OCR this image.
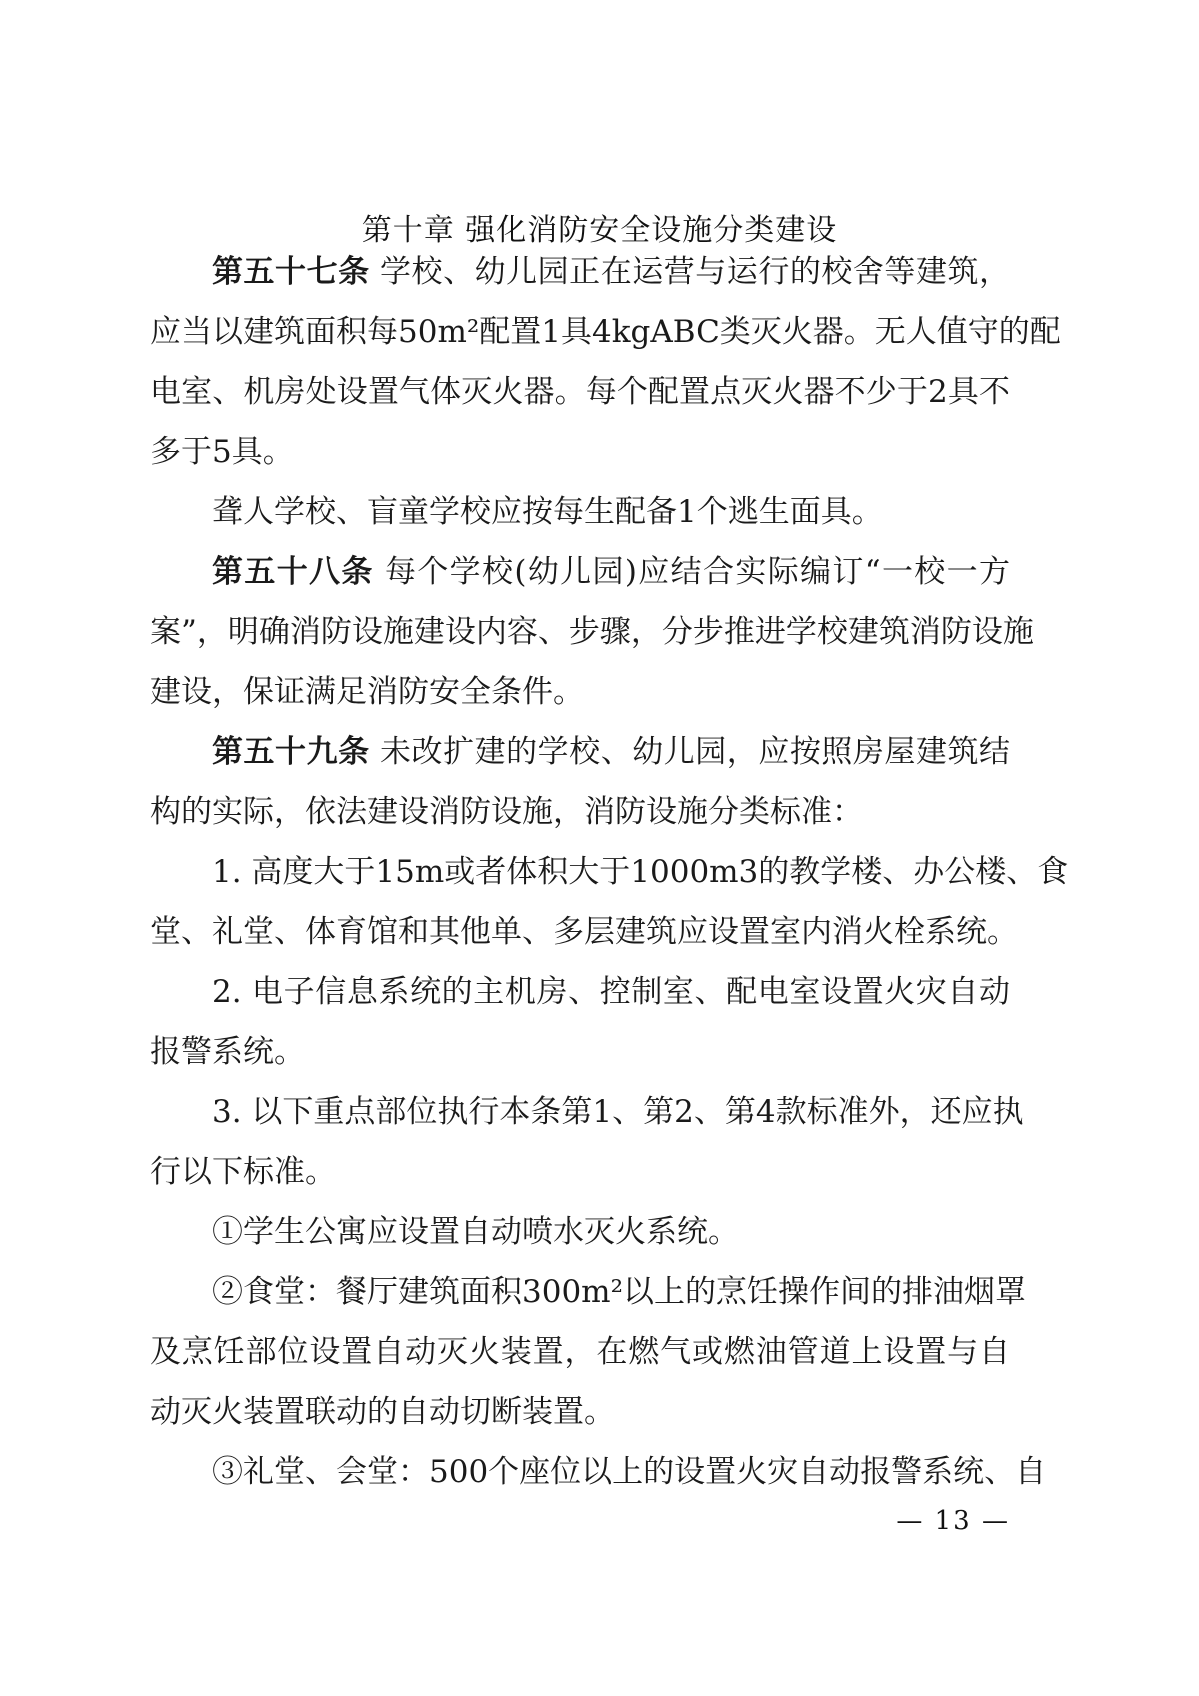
第十章 强化消防安全设施分类建设
第五十七条 学校、幼儿园正在运营与运行的校舍等建筑，
应当以建筑面积每50m²配置1具4kgABC类灭火器。无人值守的配
电室、机房处设置气体灭火器。每个配置点灭火器不少于2具不
多于5具。
聋人学校、盲童学校应按每生配备1个逃生面具。
第五十八条 每个学校(幼儿园)应结合实际编订“一校一方
案”，明确消防设施建设内容、步骤，分步推进学校建筑消防设施
建设，保证满足消防安全条件。
第五十九条 未改扩建的学校、幼儿园，应按照房屋建筑结
构的实际，依法建设消防设施，消防设施分类标准：
1. 高度大于15m或者体积大于1000m3的教学楼、办公楼、食
堂、礼堂、体育馆和其他单、多层建筑应设置室内消火栓系统。
2. 电子信息系统的主机房、控制室、配电室设置火灾自动
报警系统。
3. 以下重点部位执行本条第1、第2、第4款标准外，还应执
行以下标准。
①学生公寓应设置自动喷水灭火系统。
②食堂：餐厅建筑面积300m²以上的烹饪操作间的排油烟罩
及烹饪部位设置自动灭火装置，在燃气或燃油管道上设置与自
动灭火装置联动的自动切断装置。
③礼堂、会堂：500个座位以上的设置火灾自动报警系统、自
— 13 —
